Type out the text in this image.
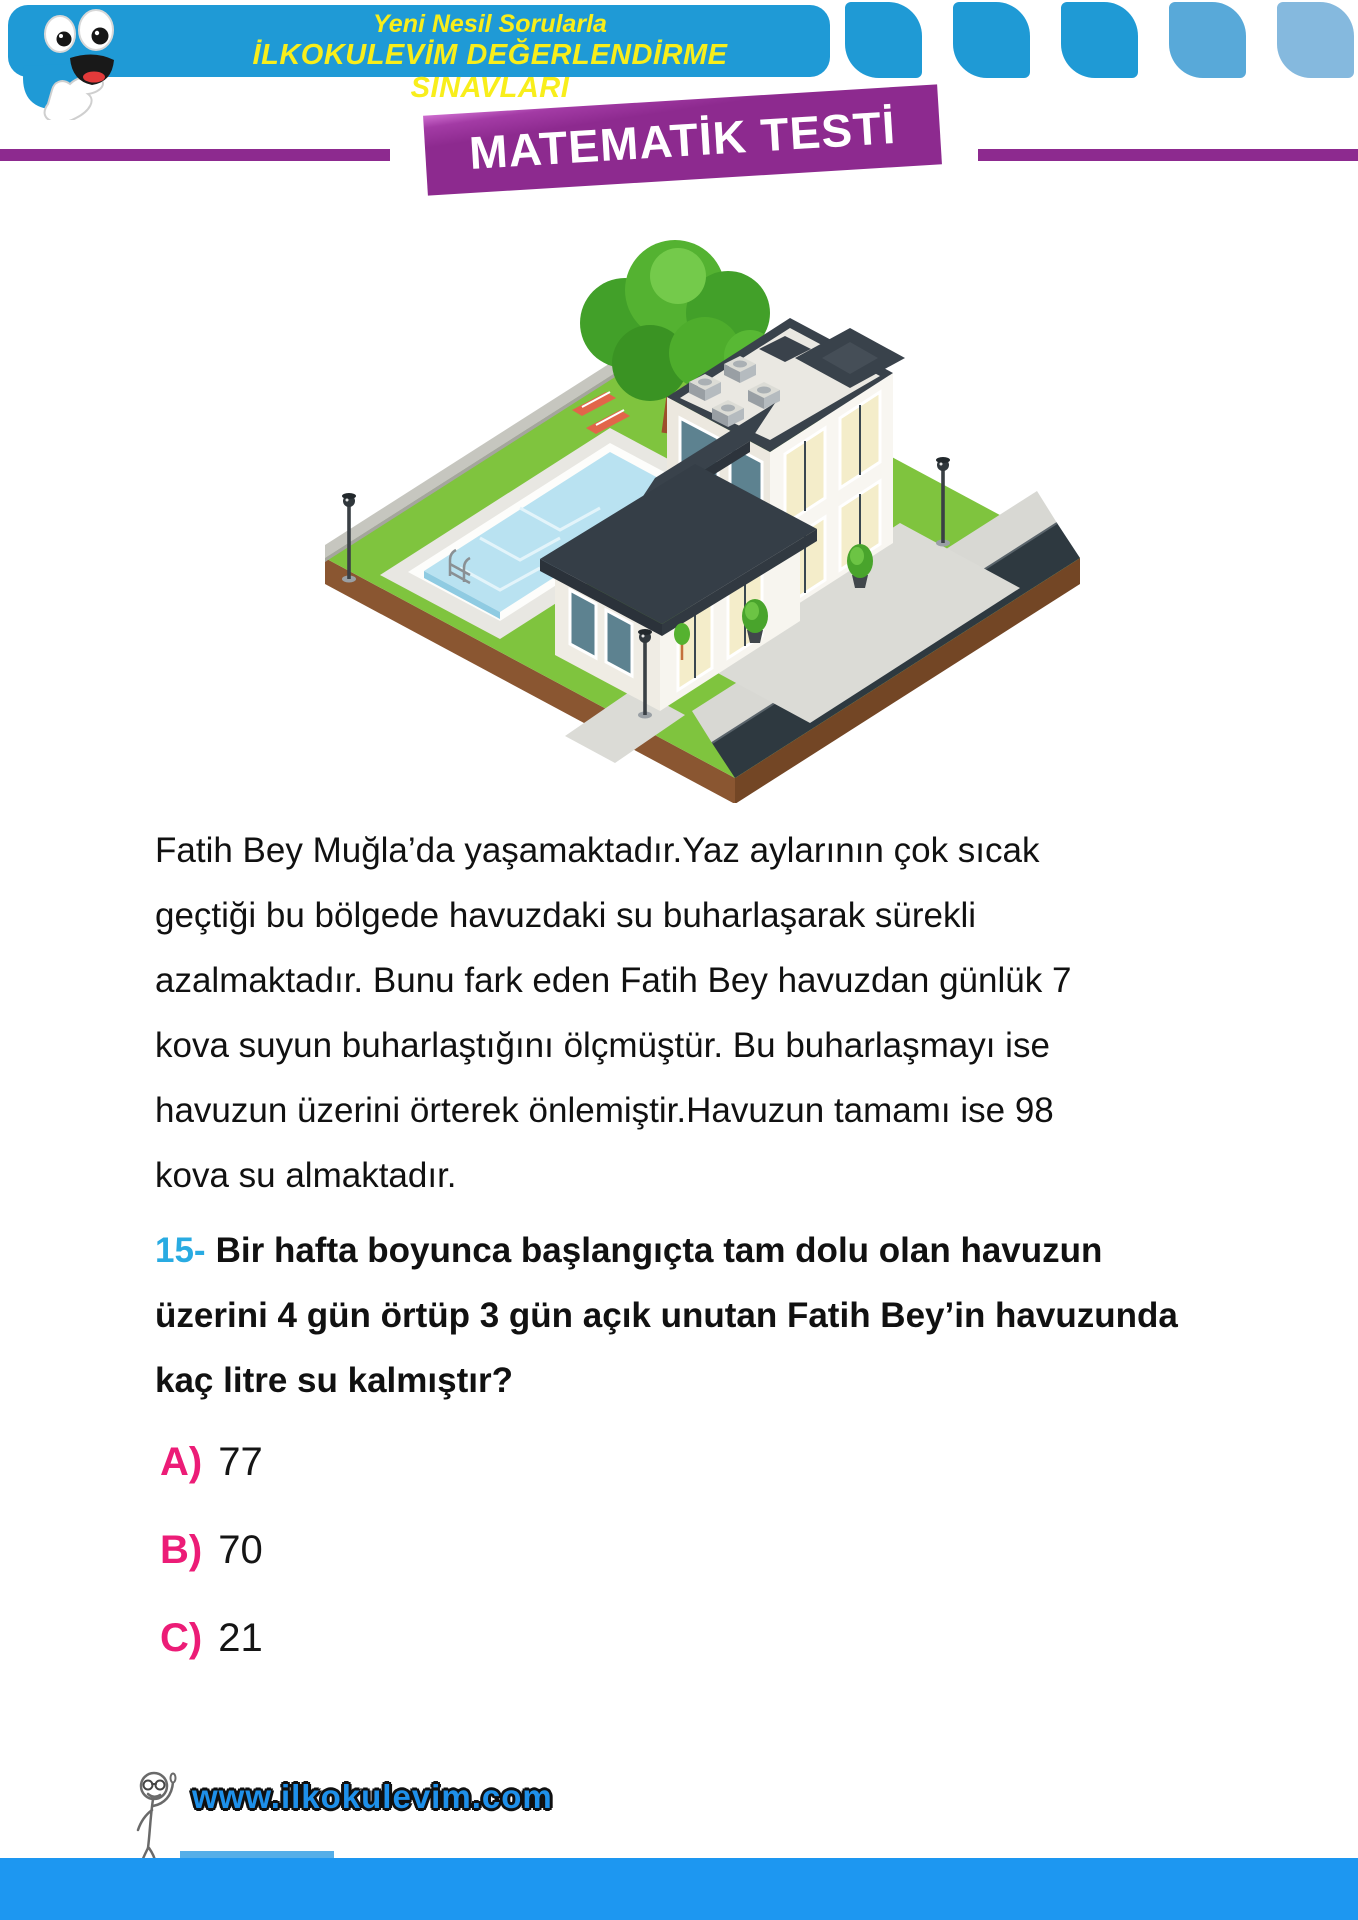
Yeni Nesil Sorularla
İLKOKULEVİM DEĞERLENDİRME SINAVLARI
MATEMATİK TESTİ
Fatih Bey Muğla’da yaşamaktadır.Yaz aylarının çok sıcak
geçtiği bu bölgede havuzdaki su buharlaşarak sürekli
azalmaktadır. Bunu fark eden Fatih Bey havuzdan günlük 7
kova suyun buharlaştığını ölçmüştür. Bu buharlaşmayı ise
havuzun üzerini örterek önlemiştir.Havuzun tamamı ise 98
kova su almaktadır.
15- Bir hafta boyunca başlangıçta tam dolu olan havuzun
üzerini 4 gün örtüp 3 gün açık unutan Fatih Bey’in havuzunda
kaç litre su kalmıştır?
A) 77
B) 70
C) 21
www.ilkokulevim.com
